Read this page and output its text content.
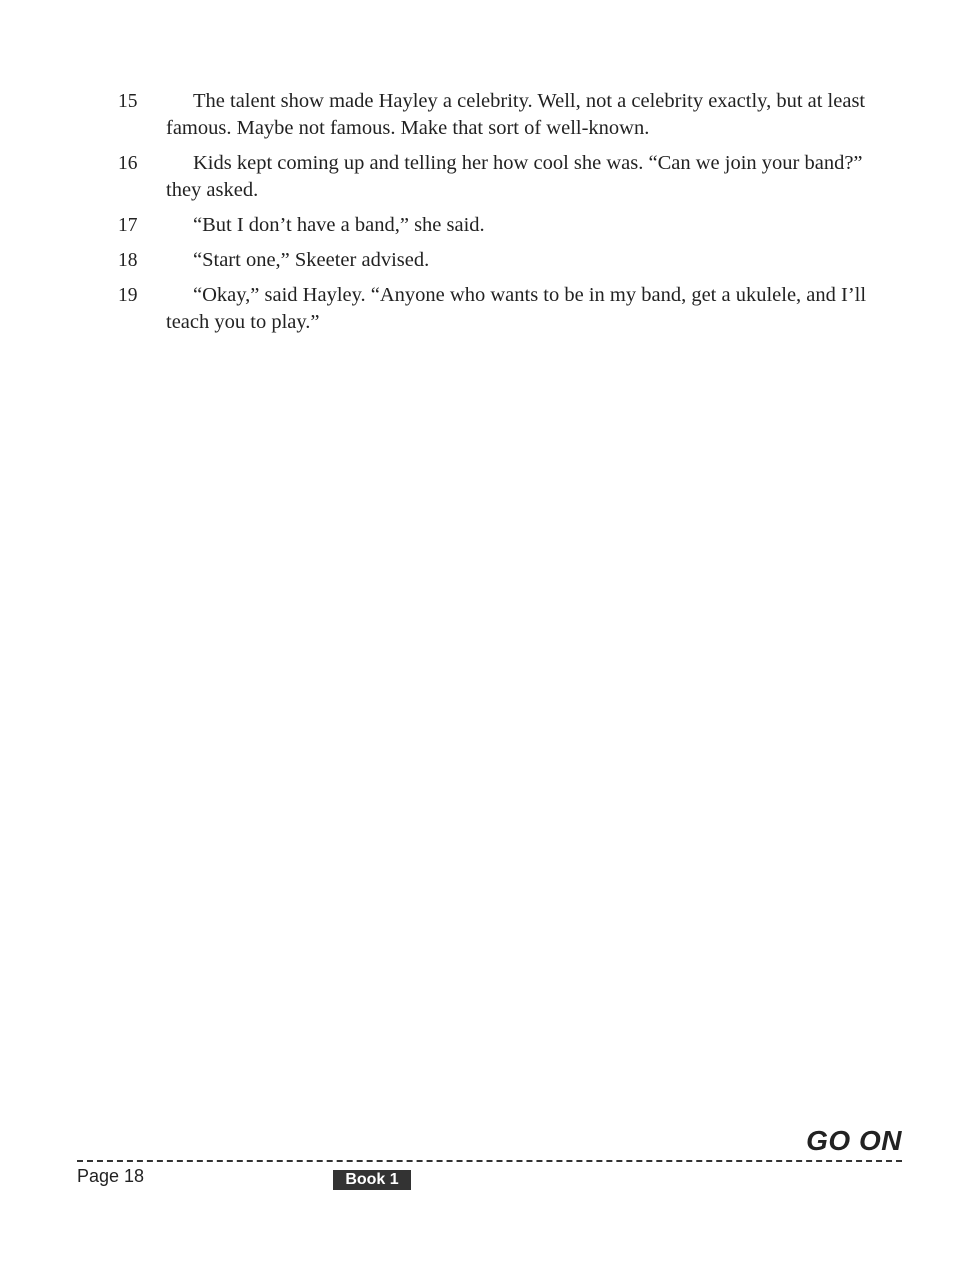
15	The talent show made Hayley a celebrity. Well, not a celebrity exactly, but at least famous. Maybe not famous. Make that sort of well-known.
16	Kids kept coming up and telling her how cool she was. “Can we join your band?” they asked.
17	“But I don’t have a band,” she said.
18	“Start one,” Skeeter advised.
19	“Okay,” said Hayley. “Anyone who wants to be in my band, get a ukulele, and I’ll teach you to play.”
GO ON
Page 18	Book 1
